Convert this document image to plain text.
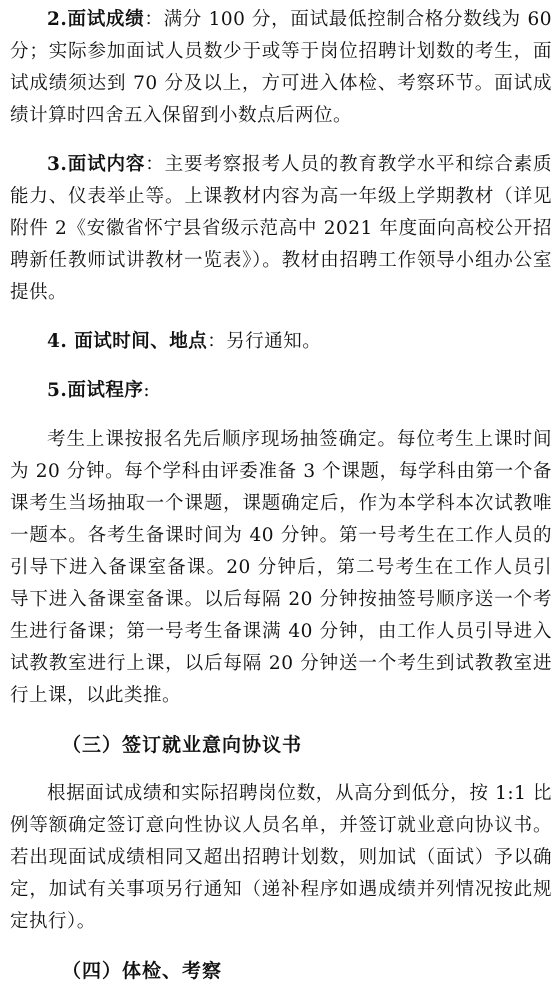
2.面试成绩：满分 100 分，面试最低控制合格分数线为 60 分；实际参加面试人员数少于或等于岗位招聘计划数的考生，面试成绩须达到 70 分及以上，方可进入体检、考察环节。面试成绩计算时四舍五入保留到小数点后两位。

3.面试内容：主要考察报考人员的教育教学水平和综合素质能力、仪表举止等。上课教材内容为高一年级上学期教材（详见附件 2《安徽省怀宁县省级示范高中 2021 年度面向高校公开招聘新任教师试讲教材一览表》）。教材由招聘工作领导小组办公室提供。

4. 面试时间、地点：另行通知。

5.面试程序:

考生上课按报名先后顺序现场抽签确定。每位考生上课时间为 20 分钟。每个学科由评委准备 3 个课题，每学科由第一个备课考生当场抽取一个课题，课题确定后，作为本学科本次试教唯一题本。各考生备课时间为 40 分钟。第一号考生在工作人员的引导下进入备课室备课。20 分钟后，第二号考生在工作人员引导下进入备课室备课。以后每隔 20 分钟按抽签号顺序送一个考生进行备课；第一号考生备课满 40 分钟，由工作人员引导进入试教教室进行上课，以后每隔 20 分钟送一个考生到试教教室进行上课，以此类推。

（三）签订就业意向协议书

根据面试成绩和实际招聘岗位数，从高分到低分，按 1:1 比例等额确定签订意向性协议人员名单，并签订就业意向协议书。若出现面试成绩相同又超出招聘计划数，则加试（面试）予以确定，加试有关事项另行通知（递补程序如遇成绩并列情况按此规定执行）。

（四）体检、考察
